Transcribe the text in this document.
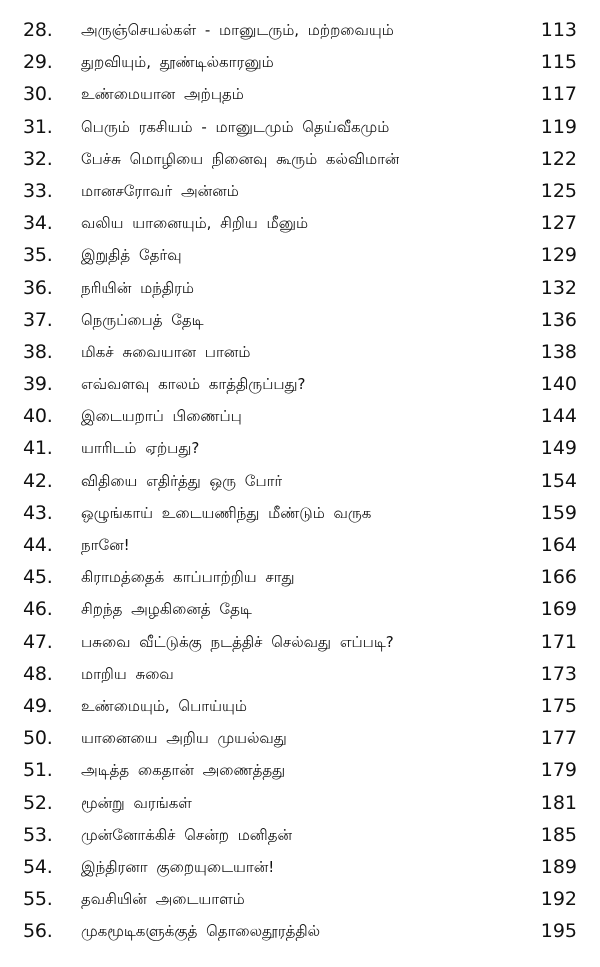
28. அருஞ்செயல்கள் - மானுடரும், மற்றவையும்	113
29. துறவியும், தூண்டில்காரனும்	115
30. உண்மையான அற்புதம்	117
31. பெரும் ரகசியம் - மானுடமும் தெய்வீகமும்	119
32. பேச்சு மொழியை நினைவு கூரும் கல்விமான்	122
33. மானசரோவர் அன்னம்	125
34. வலிய யானையும், சிறிய மீனும்	127
35. இறுதித் தேர்வு	129
36. நரியின் மந்திரம்	132
37. நெருப்பைத் தேடி	136
38. மிகச் சுவையான பானம்	138
39. எவ்வளவு காலம் காத்திருப்பது?	140
40. இடையறாப் பிணைப்பு	144
41. யாரிடம் ஏற்பது?	149
42. விதியை எதிர்த்து ஒரு போர்	154
43. ஒழுங்காய் உடையணிந்து மீண்டும் வருக	159
44. நானே!	164
45. கிராமத்தைக் காப்பாற்றிய சாது	166
46. சிறந்த அழகினைத் தேடி	169
47. பசுவை வீட்டுக்கு நடத்திச் செல்வது எப்படி?	171
48. மாறிய சுவை	173
49. உண்மையும், பொய்யும்	175
50. யானையை அறிய முயல்வது	177
51. அடித்த கைதான் அணைத்தது	179
52. மூன்று வரங்கள்	181
53. முன்னோக்கிச் சென்ற மனிதன்	185
54. இந்திரனா குறையுடையான்!	189
55. தவசியின் அடையாளம்	192
56. முகமூடிகளுக்குத் தொலைதூரத்தில்	195
